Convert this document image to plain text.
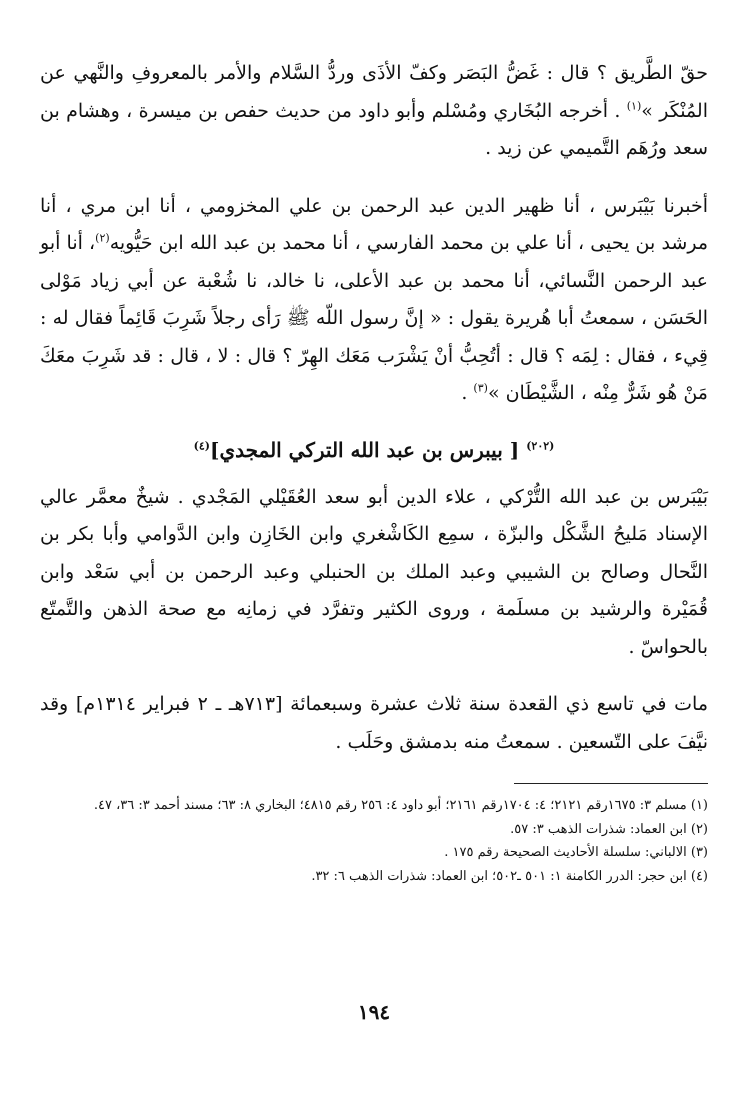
حقّ الطَّريق ؟ قال : غَضُّ البَصَر وكفّ الأذَى وردُّ السَّلام والأمر بالمعروفِ والنَّهي عن المُنْكَر »$^{(١)}$ . أخرجه البُخَاري ومُسْلم وأبو داود من حديث حفص بن ميسرة ، وهشام بن سعد ورُهَم التَّميمي عن زيد .

أخبرنا بَيْبَرس ، أنا ظهير الدين عبد الرحمن بن علي المخزومي ، أنا ابن مري ، أنا مرشد بن يحيى ، أنا علي بن محمد الفارسي ، أنا محمد بن عبد الله ابن حَيُّويه$^{(٢)}$، أنا أبو عبد الرحمن النَّسائي، أنا محمد بن عبد الأعلى، نا خالد، نا شُعْبة عن أبي زياد مَوْلى الحَسَن ، سمعتُ أبا هُريرة يقول : « إنَّ رسول اللّه ﷺ رَأى رجلاً شَرِبَ قَائِماً فقال له : قِيء ، فقال : لِمَه ؟ قال : أتُحِبُّ أنْ يَشْرَب مَعَك الهِرّ ؟ قال : لا ، قال : قد شَرِبَ معَكَ مَنْ هُو شَرٌّ مِنْه ، الشَّيْطَان »$^{(٣)}$ .

$^{(٢٠٢)}$ [ بيبرس بن عبد الله التركي المجدي]$^{(٤)}$

بَيْبَرس بن عبد الله التُّرْكي ، علاء الدين أبو سعد العُقَيْلي المَجْدي . شيخٌ معمَّر عالي الإسناد مَليحُ الشَّكْل والبزّة ، سمِع الكَاشْغري وابن الخَازِن وابن الدَّوامي وأبا بكر بن النَّحال وصالح بن الشيبي وعبد الملك بن الحنبلي وعبد الرحمن بن أبي سَعْد وابن قُمَيْرة والرشيد بن مسلَمة ، وروى الكثير وتفرَّد في زمانِه مع صحة الذهن والتَّمتّع بالحواسّ .

مات في تاسع ذي القعدة سنة ثلاث عشرة وسبعمائة [٧١٣هـ ـ ٢ فبراير ١٣١٤م] وقد نيَّفَ على التّسعين . سمعتُ منه بدمشق وحَلَب .

(١) مسلم ٣: ١٦٧٥رقم ٢١٢١؛ ٤: ١٧٠٤رقم ٢١٦١؛ أبو داود ٤: ٢٥٦ رقم ٤٨١٥؛ البخاري ٨: ٦٣؛ مسند أحمد ٣: ٣٦، ٤٧.
(٢) ابن العماد: شذرات الذهب ٣: ٥٧.
(٣) الالباني: سلسلة الأحاديث الصحيحة رقم ١٧٥ .
(٤) ابن حجر: الدرر الكامنة ١: ٥٠١ ـ٥٠٢؛ ابن العماد: شذرات الذهب ٦: ٣٢.
١٩٤
